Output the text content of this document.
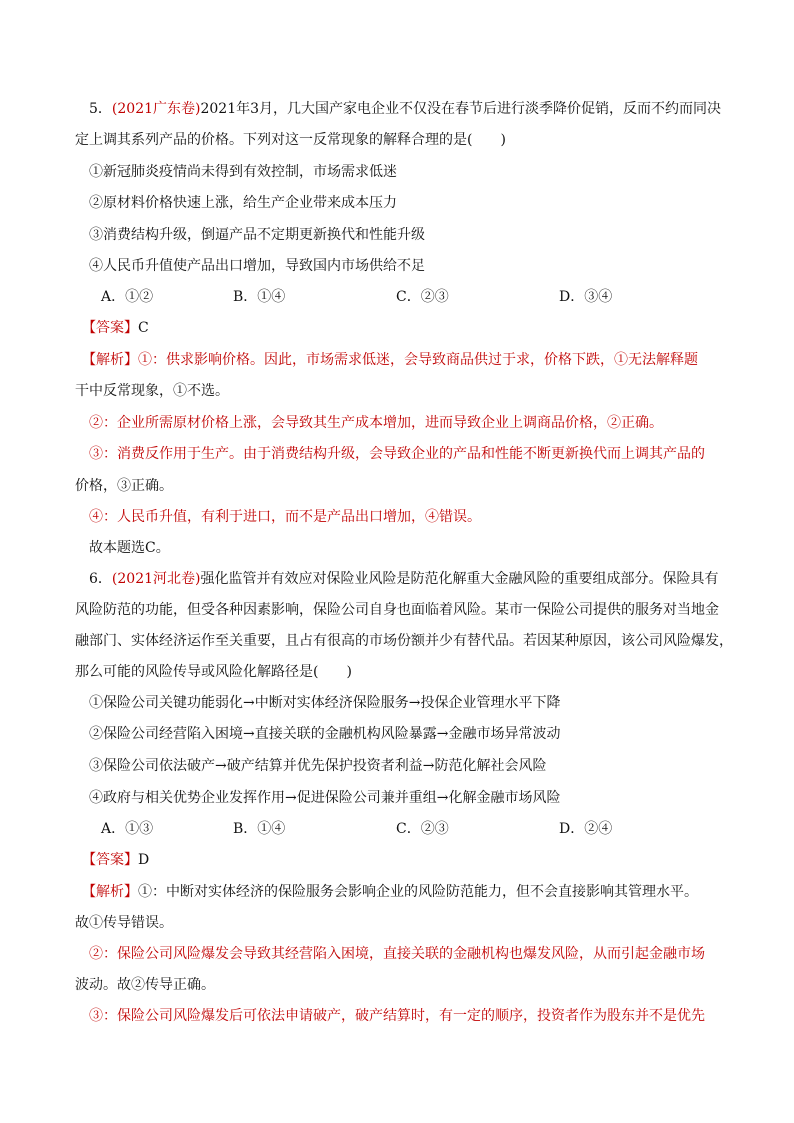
5．(2021广东卷)2021年3月，几大国产家电企业不仅没在春节后进行淡季降价促销，反而不约而同决
定上调其系列产品的价格。下列对这一反常现象的解释合理的是(　　)
①新冠肺炎疫情尚未得到有效控制，市场需求低迷
②原材料价格快速上涨，给生产企业带来成本压力
③消费结构升级，倒逼产品不定期更新换代和性能升级
④人民币升值使产品出口增加，导致国内市场供给不足
A．①②	B．①④	C．②③	D．③④
【答案】C
【解析】①：供求影响价格。因此，市场需求低迷，会导致商品供过于求，价格下跌，①无法解释题
干中反常现象，①不选。
②：企业所需原材价格上涨，会导致其生产成本增加，进而导致企业上调商品价格，②正确。
③：消费反作用于生产。由于消费结构升级，会导致企业的产品和性能不断更新换代而上调其产品的
价格，③正确。
④：人民币升值，有利于进口，而不是产品出口增加，④错误。
故本题选C。
6．(2021河北卷)强化监管并有效应对保险业风险是防范化解重大金融风险的重要组成部分。保险具有
风险防范的功能，但受各种因素影响，保险公司自身也面临着风险。某市一保险公司提供的服务对当地金
融部门、实体经济运作至关重要，且占有很高的市场份额并少有替代品。若因某种原因，该公司风险爆发，
那么可能的风险传导或风险化解路径是(　　)
①保险公司关键功能弱化→中断对实体经济保险服务→投保企业管理水平下降
②保险公司经营陷入困境→直接关联的金融机构风险暴露→金融市场异常波动
③保险公司依法破产→破产结算并优先保护投资者利益→防范化解社会风险
④政府与相关优势企业发挥作用→促进保险公司兼并重组→化解金融市场风险
A．①③	B．①④	C．②③	D．②④
【答案】D
【解析】①：中断对实体经济的保险服务会影响企业的风险防范能力，但不会直接影响其管理水平。
故①传导错误。
②：保险公司风险爆发会导致其经营陷入困境，直接关联的金融机构也爆发风险，从而引起金融市场
波动。故②传导正确。
③：保险公司风险爆发后可依法申请破产，破产结算时，有一定的顺序，投资者作为股东并不是优先
